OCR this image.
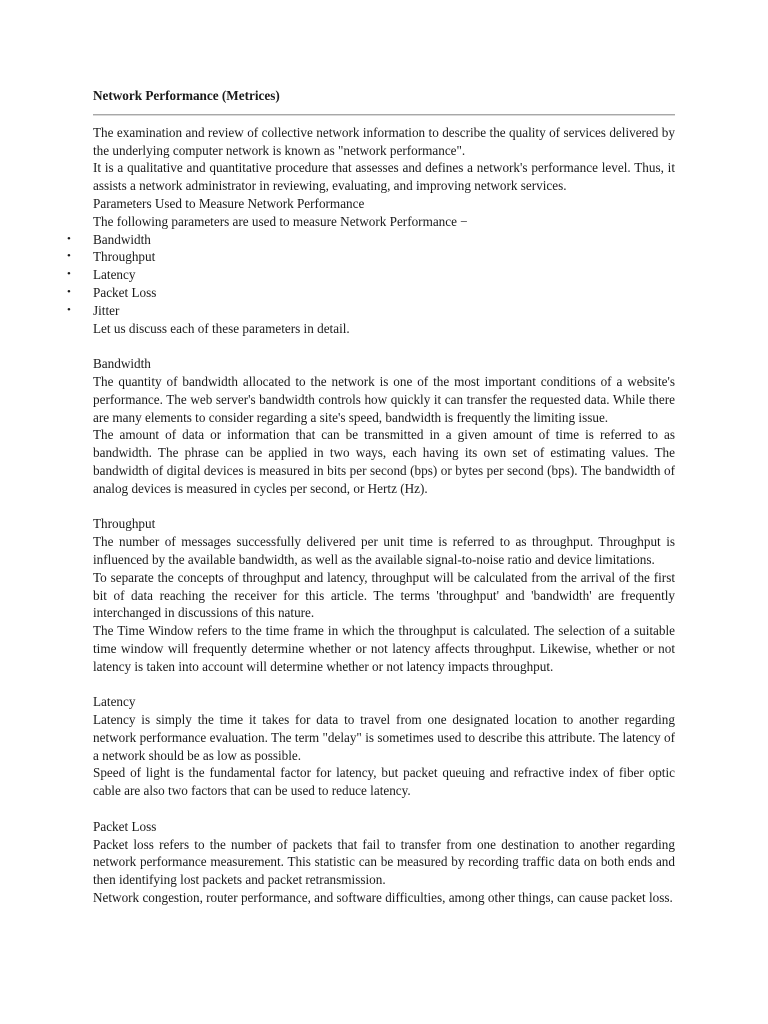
Network Performance (Metrices)

The examination and review of collective network information to describe the quality of services delivered by the underlying computer network is known as "network performance".

It is a qualitative and quantitative procedure that assesses and defines a network's performance level. Thus, it assists a network administrator in reviewing, evaluating, and improving network services.

Parameters Used to Measure Network Performance

The following parameters are used to measure Network Performance −

• Bandwidth
• Throughput
• Latency
• Packet Loss
• Jitter

Let us discuss each of these parameters in detail.

Bandwidth

The quantity of bandwidth allocated to the network is one of the most important conditions of a website's performance. The web server's bandwidth controls how quickly it can transfer the requested data. While there are many elements to consider regarding a site's speed, bandwidth is frequently the limiting issue.

The amount of data or information that can be transmitted in a given amount of time is referred to as bandwidth. The phrase can be applied in two ways, each having its own set of estimating values. The bandwidth of digital devices is measured in bits per second (bps) or bytes per second (bps). The bandwidth of analog devices is measured in cycles per second, or Hertz (Hz).

Throughput

The number of messages successfully delivered per unit time is referred to as throughput. Throughput is influenced by the available bandwidth, as well as the available signal-to-noise ratio and device limitations.

To separate the concepts of throughput and latency, throughput will be calculated from the arrival of the first bit of data reaching the receiver for this article. The terms 'throughput' and 'bandwidth' are frequently interchanged in discussions of this nature.

The Time Window refers to the time frame in which the throughput is calculated. The selection of a suitable time window will frequently determine whether or not latency affects throughput. Likewise, whether or not latency is taken into account will determine whether or not latency impacts throughput.

Latency

Latency is simply the time it takes for data to travel from one designated location to another regarding network performance evaluation. The term "delay" is sometimes used to describe this attribute. The latency of a network should be as low as possible.

Speed of light is the fundamental factor for latency, but packet queuing and refractive index of fiber optic cable are also two factors that can be used to reduce latency.

Packet Loss

Packet loss refers to the number of packets that fail to transfer from one destination to another regarding network performance measurement. This statistic can be measured by recording traffic data on both ends and then identifying lost packets and packet retransmission.

Network congestion, router performance, and software difficulties, among other things, can cause packet loss.
